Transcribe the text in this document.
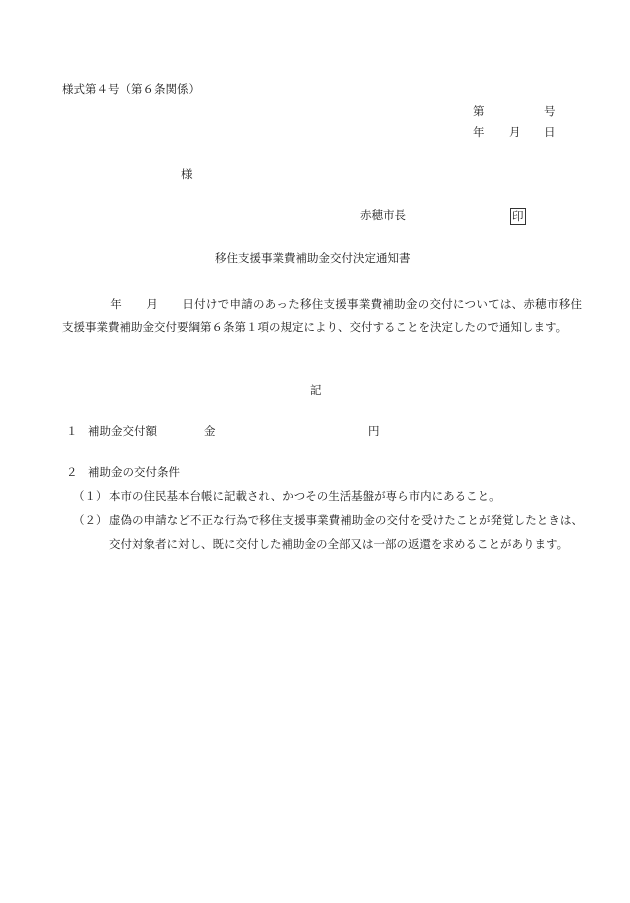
様式第４号（第６条関係）
第	号
年 月 日
様
赤穂市長	印
移住支援事業費補助金交付決定通知書
年 月 日付けで申請のあった移住支援事業費補助金の交付については、赤穂市移住支援事業費補助金交付要綱第６条第１項の規定により、交付することを決定したので通知します。
記
１ 補助金交付額	金	円
２ 補助金の交付条件
（１） 本市の住民基本台帳に記載され、かつその生活基盤が専ら市内にあること。
（２） 虚偽の申請など不正な行為で移住支援事業費補助金の交付を受けたことが発覚したときは、交付対象者に対し、既に交付した補助金の全部又は一部の返還を求めることがあります。
